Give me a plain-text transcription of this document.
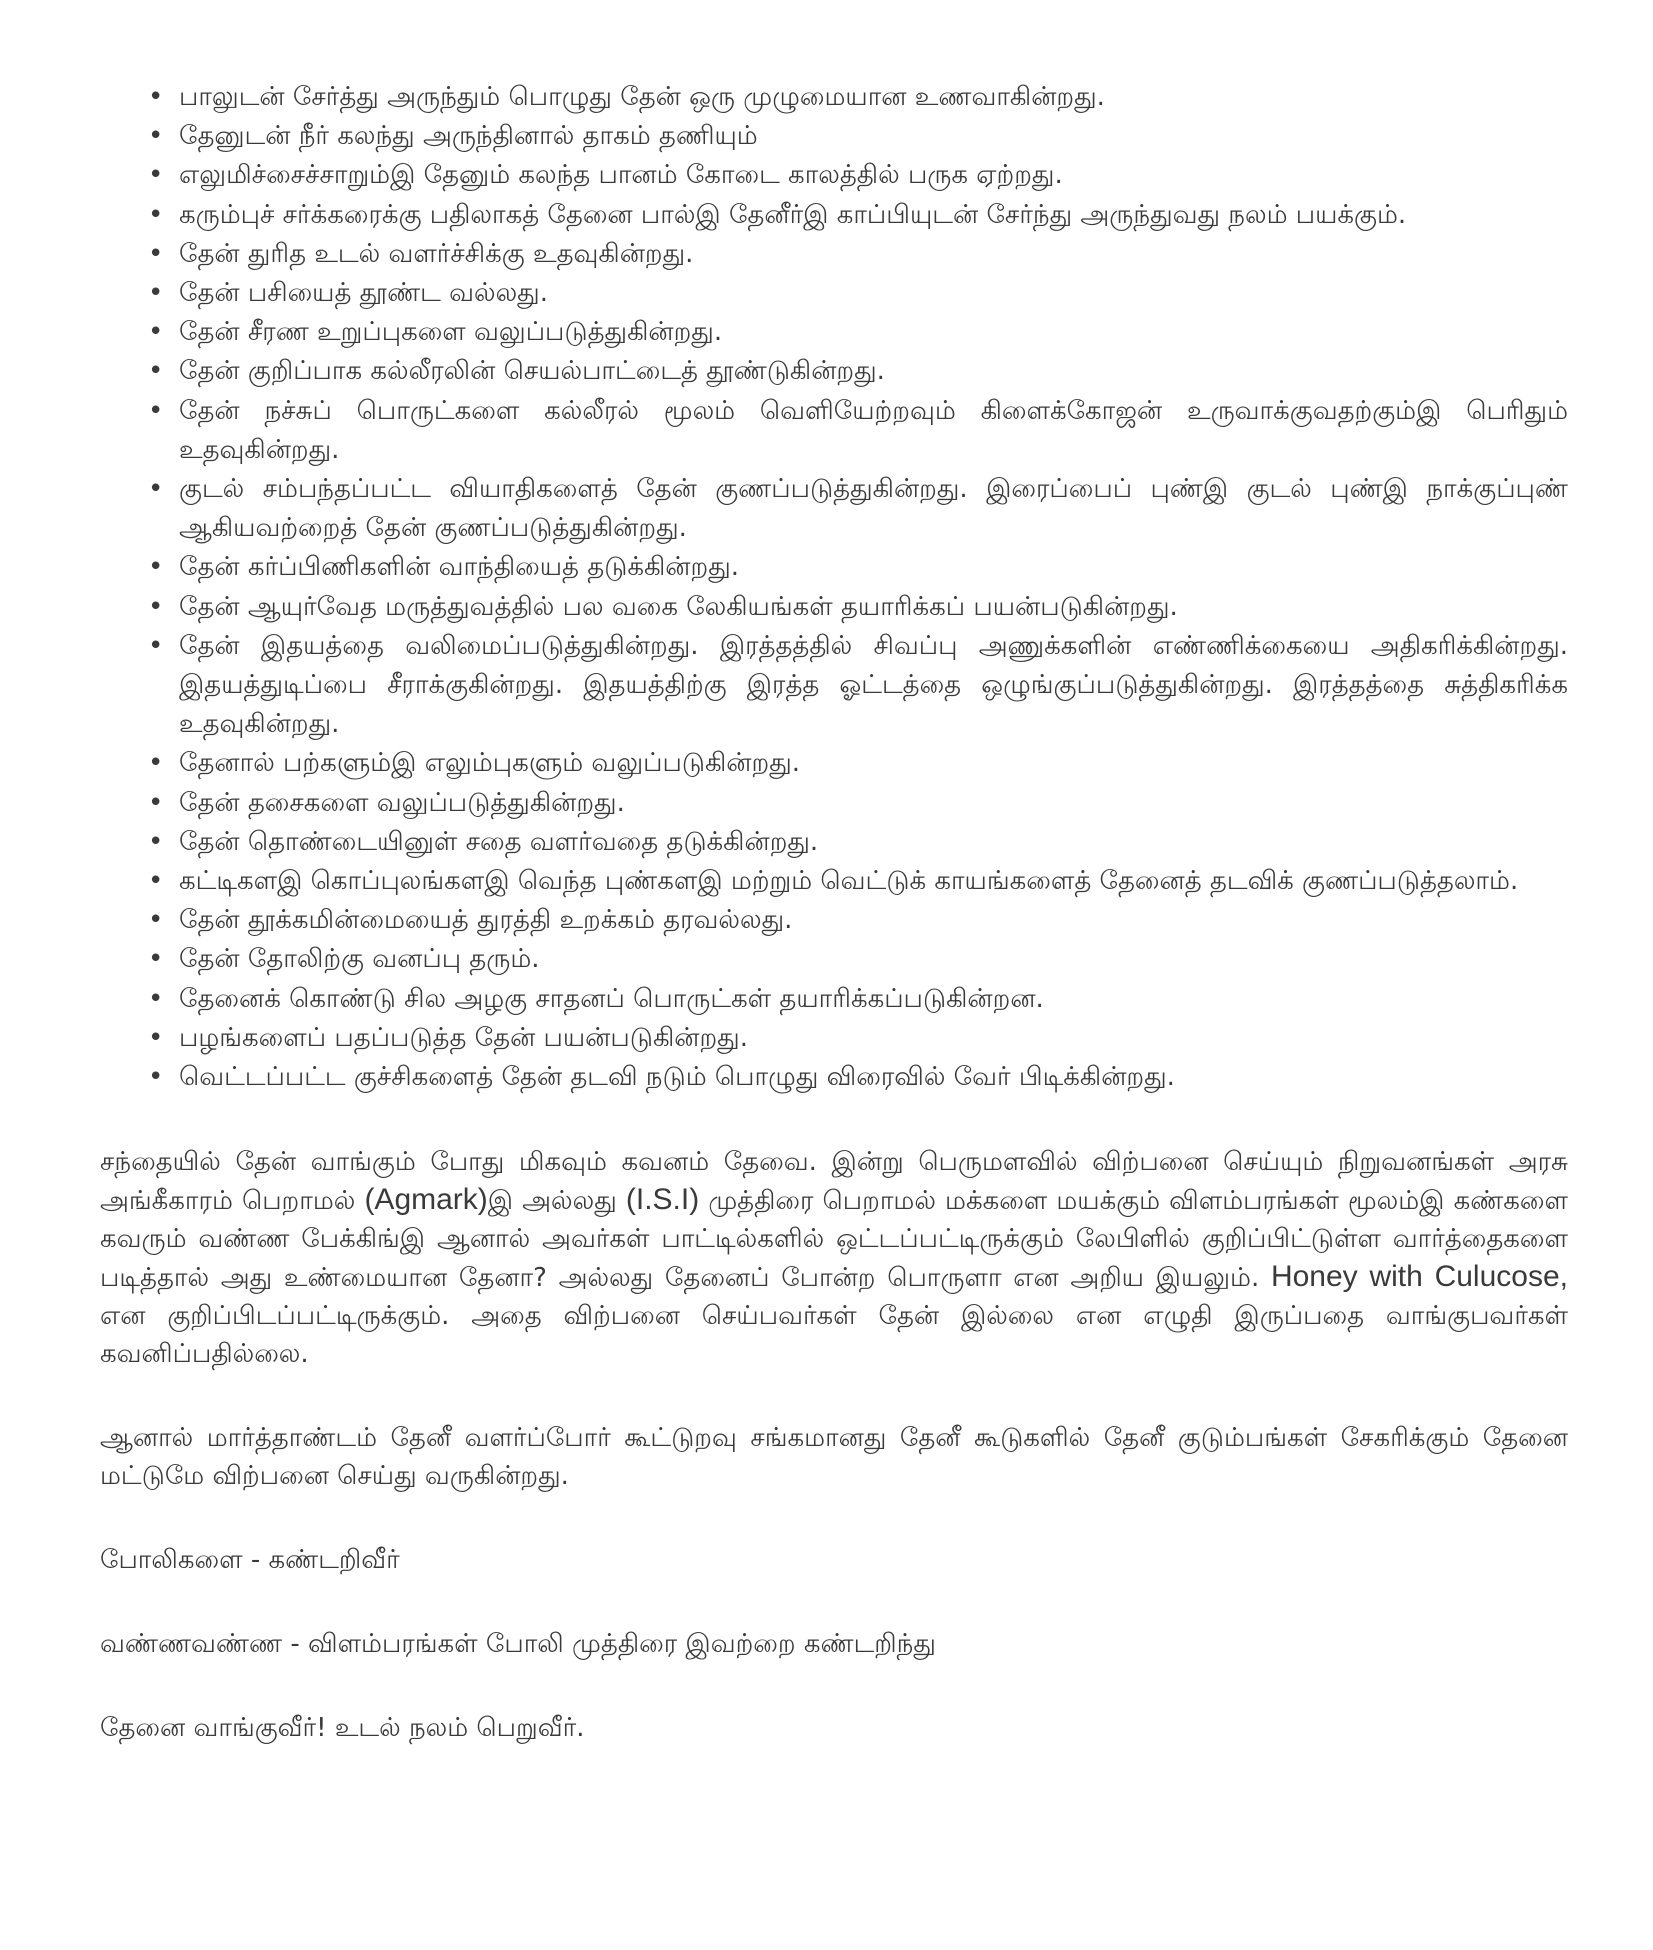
• பாலுடன் சேர்த்து அருந்தும் பொழுது தேன் ஒரு முழுமையான உணவாகின்றது.
• தேனுடன் நீர் கலந்து அருந்தினால் தாகம் தணியும்
• எலுமிச்சைச்சாறும்இ தேனும் கலந்த பானம் கோடை காலத்தில் பருக ஏற்றது.
• கரும்புச் சர்க்கரைக்கு பதிலாகத் தேனை பால்இ தேனீர்இ காப்பியுடன் சேர்ந்து அருந்துவது நலம் பயக்கும்.
• தேன் துரித உடல் வளர்ச்சிக்கு உதவுகின்றது.
• தேன் பசியைத் தூண்ட வல்லது.
• தேன் சீரண உறுப்புகளை வலுப்படுத்துகின்றது.
• தேன் குறிப்பாக கல்லீரலின் செயல்பாட்டைத் தூண்டுகின்றது.
• தேன் நச்சுப் பொருட்களை கல்லீரல் மூலம் வெளியேற்றவும் கிளைக்கோஜன் உருவாக்குவதற்கும்இ பெரிதும் உதவுகின்றது.
• குடல் சம்பந்தப்பட்ட வியாதிகளைத் தேன் குணப்படுத்துகின்றது. இரைப்பைப் புண்இ குடல் புண்இ நாக்குப்புண் ஆகியவற்றைத் தேன் குணப்படுத்துகின்றது.
• தேன் கர்ப்பிணிகளின் வாந்தியைத் தடுக்கின்றது.
• தேன் ஆயுர்வேத மருத்துவத்தில் பல வகை லேகியங்கள் தயாரிக்கப் பயன்படுகின்றது.
• தேன் இதயத்தை வலிமைப்படுத்துகின்றது. இரத்தத்தில் சிவப்பு அணுக்களின் எண்ணிக்கையை அதிகரிக்கின்றது. இதயத்துடிப்பை சீராக்குகின்றது. இதயத்திற்கு இரத்த ஓட்டத்தை ஒழுங்குப்படுத்துகின்றது. இரத்தத்தை சுத்திகரிக்க உதவுகின்றது.
• தேனால் பற்களும்இ எலும்புகளும் வலுப்படுகின்றது.
• தேன் தசைகளை வலுப்படுத்துகின்றது.
• தேன் தொண்டையினுள் சதை வளர்வதை தடுக்கின்றது.
• கட்டிகளஇ கொப்புலங்களஇ வெந்த புண்களஇ மற்றும் வெட்டுக் காயங்களைத் தேனைத் தடவிக் குணப்படுத்தலாம்.
• தேன் தூக்கமின்மையைத் துரத்தி உறக்கம் தரவல்லது.
• தேன் தோலிற்கு வனப்பு தரும்.
• தேனைக் கொண்டு சில அழகு சாதனப் பொருட்கள் தயாரிக்கப்படுகின்றன.
• பழங்களைப் பதப்படுத்த தேன் பயன்படுகின்றது.
• வெட்டப்பட்ட குச்சிகளைத் தேன் தடவி நடும் பொழுது விரைவில் வேர் பிடிக்கின்றது.

சந்தையில் தேன் வாங்கும் போது மிகவும் கவனம் தேவை. இன்று பெருமளவில் விற்பனை செய்யும் நிறுவனங்கள் அரசு அங்கீகாரம் பெறாமல் (Agmark)இ அல்லது (I.S.I) முத்திரை பெறாமல் மக்களை மயக்கும் விளம்பரங்கள் மூலம்இ கண்களை கவரும் வண்ண பேக்கிங்இ ஆனால் அவர்கள் பாட்டில்களில் ஒட்டப்பட்டிருக்கும் லேபிளில் குறிப்பிட்டுள்ள வார்த்தைகளை படித்தால் அது உண்மையான தேனா? அல்லது தேனைப் போன்ற பொருளா என அறிய இயலும். Honey with Culucose, என குறிப்பிடப்பட்டிருக்கும். அதை விற்பனை செய்பவர்கள் தேன் இல்லை என எழுதி இருப்பதை வாங்குபவர்கள் கவனிப்பதில்லை.

ஆனால் மார்த்தாண்டம் தேனீ வளர்ப்போர் கூட்டுறவு சங்கமானது தேனீ கூடுகளில் தேனீ குடும்பங்கள் சேகரிக்கும் தேனை மட்டுமே விற்பனை செய்து வருகின்றது.

போலிகளை - கண்டறிவீர்

வண்ணவண்ண - விளம்பரங்கள் போலி முத்திரை இவற்றை கண்டறிந்து

தேனை வாங்குவீர்! உடல் நலம் பெறுவீர்.
